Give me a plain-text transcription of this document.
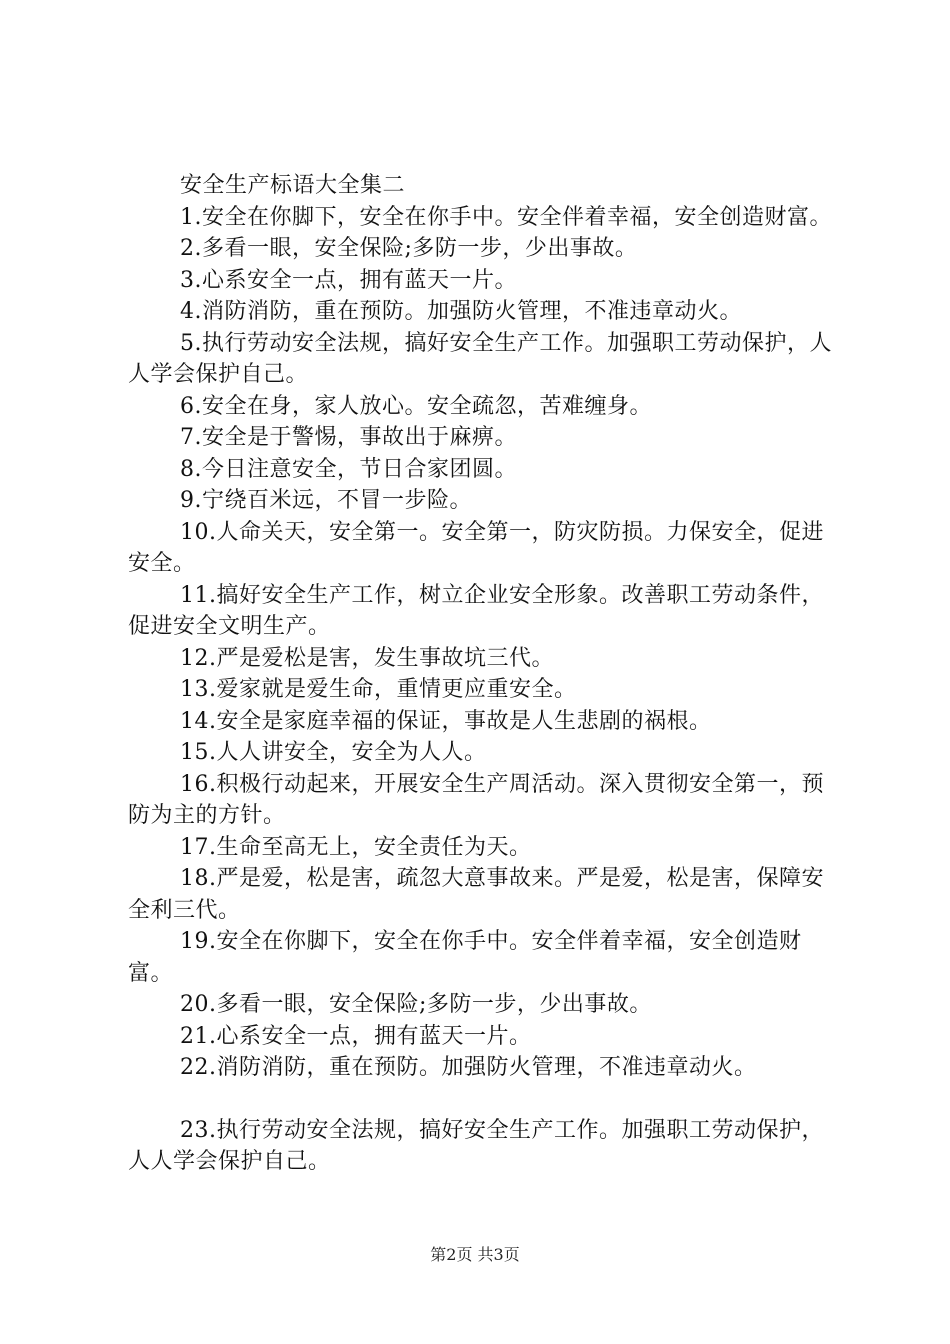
安全生产标语大全集二

1.安全在你脚下，安全在你手中。安全伴着幸福，安全创造财富。

2.多看一眼，安全保险;多防一步，少出事故。

3.心系安全一点，拥有蓝天一片。

4.消防消防，重在预防。加强防火管理，不准违章动火。

5.执行劳动安全法规，搞好安全生产工作。加强职工劳动保护，人人学会保护自己。

6.安全在身，家人放心。安全疏忽，苦难缠身。

7.安全是于警惕，事故出于麻痹。

8.今日注意安全，节日合家团圆。

9.宁绕百米远，不冒一步险。

10.人命关天，安全第一。安全第一，防灾防损。力保安全，促进安全。

11.搞好安全生产工作，树立企业安全形象。改善职工劳动条件，促进安全文明生产。

12.严是爱松是害，发生事故坑三代。

13.爱家就是爱生命，重情更应重安全。

14.安全是家庭幸福的保证，事故是人生悲剧的祸根。

15.人人讲安全，安全为人人。

16.积极行动起来，开展安全生产周活动。深入贯彻安全第一，预防为主的方针。

17.生命至高无上，安全责任为天。

18.严是爱，松是害，疏忽大意事故来。严是爱，松是害，保障安全利三代。

19.安全在你脚下，安全在你手中。安全伴着幸福，安全创造财富。

20.多看一眼，安全保险;多防一步，少出事故。

21.心系安全一点，拥有蓝天一片。

22.消防消防，重在预防。加强防火管理，不准违章动火。

23.执行劳动安全法规，搞好安全生产工作。加强职工劳动保护，人人学会保护自己。

第2页 共3页
